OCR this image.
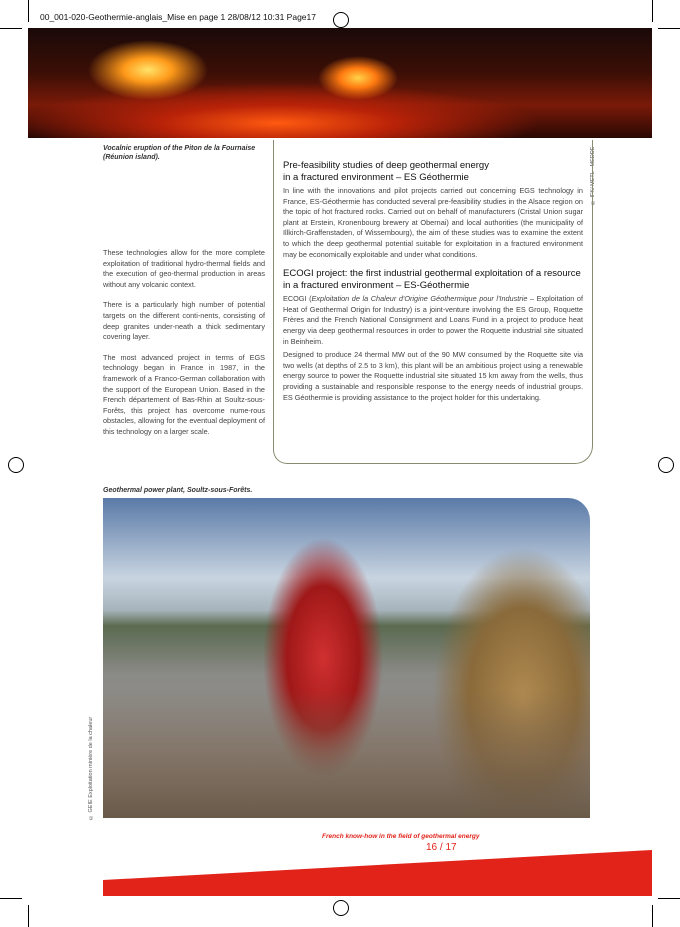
00_001-020-Geothermie-anglais_Mise en page 1 28/08/12 10:31 Page17
Vocalnic eruption of the Piton de la Fournaise (Réunion island).	© IFK/ METL - MEDDE

These technologies allow for the more complete exploitation of traditional hydro-thermal fields and the execution of geo-thermal production in areas without any volcanic context.

There is a particularly high number of potential targets on the different conti-nents, consisting of deep granites under-neath a thick sedimentary covering layer.

The most advanced project in terms of EGS technology began in France in 1987, in the framework of a Franco-German collaboration with the support of the European Union. Based in the French département of Bas-Rhin at Soultz-sous-Forêts, this project has overcome nume-rous obstacles, allowing for the eventual deployment of this technology on a larger scale.

Pre-feasibility studies of deep geothermal energy
in a fractured environment – ES Géothermie

In line with the innovations and pilot projects carried out concerning EGS technology in France, ES-Géothermie has conducted several pre-feasibility studies in the Alsace region on the topic of hot fractured rocks. Carried out on behalf of manufacturers (Cristal Union sugar plant at Erstein, Kronenbourg brewery at Obernai) and local authorities (the municipality of Illkirch-Graffenstaden, of Wissembourg), the aim of these studies was to examine the extent to which the deep geothermal potential suitable for exploitation in a fractured environment may be economically exploitable and under what conditions.

ECOGI project: the first industrial geothermal exploitation of a resource in a fractured environment – ES-Géothermie

ECOGI (Exploitation de la Chaleur d'Origine Géothermique pour l'Industrie – Exploitation of Heat of Geothermal Origin for Industry) is a joint-venture involving the ES Group, Roquette Frères and the French National Consignment and Loans Fund in a project to produce heat energy via deep geothermal resources in order to power the Roquette industrial site situated in Beinheim.

Designed to produce 24 thermal MW out of the 90 MW consumed by the Roquette site via two wells (at depths of 2.5 to 3 km), this plant will be an ambitious project using a renewable energy source to power the Roquette industrial site situated 15 km away from the wells, thus providing a sustainable and responsible response to the energy needs of industrial groups. ES Géothermie is providing assistance to the project holder for this undertaking.

Geothermal power plant, Soultz-sous-Forêts.
© GEIE Exploitation minière de la chaleur
French know-how in the field of geothermal energy
16 / 17
